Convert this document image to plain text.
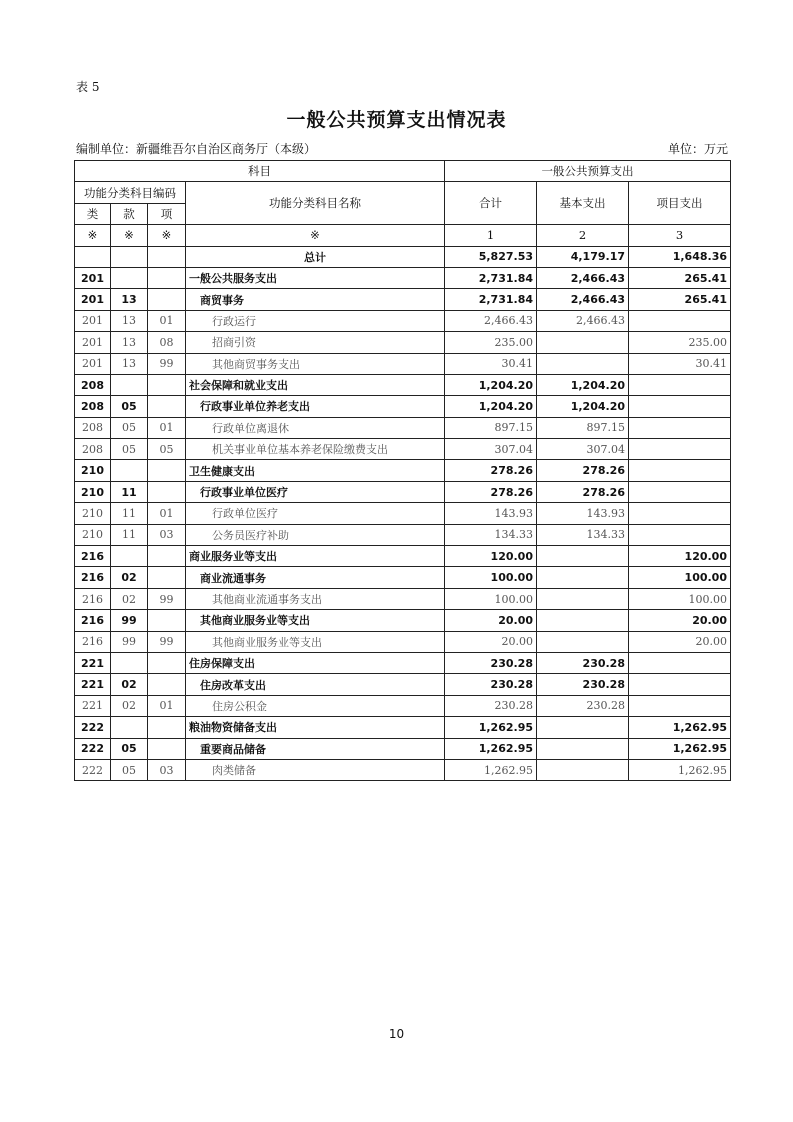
表 5
一般公共预算支出情况表
编制单位：新疆维吾尔自治区商务厅（本级）	单位：万元
科目				一般公共预算支出		
功能分类科目编码			功能分类科目名称	合计	基本支出	项目支出
类	款	项				
※	※	※	※	1	2	3
			总计	5,827.53	4,179.17	1,648.36
201			一般公共服务支出	2,731.84	2,466.43	265.41
201	13		商贸事务	2,731.84	2,466.43	265.41
201	13	01	行政运行	2,466.43	2,466.43	
201	13	08	招商引资	235.00		235.00
201	13	99	其他商贸事务支出	30.41		30.41
208			社会保障和就业支出	1,204.20	1,204.20	
208	05		行政事业单位养老支出	1,204.20	1,204.20	
208	05	01	行政单位离退休	897.15	897.15	
208	05	05	机关事业单位基本养老保险缴费支出	307.04	307.04	
210			卫生健康支出	278.26	278.26	
210	11		行政事业单位医疗	278.26	278.26	
210	11	01	行政单位医疗	143.93	143.93	
210	11	03	公务员医疗补助	134.33	134.33	
216			商业服务业等支出	120.00		120.00
216	02		商业流通事务	100.00		100.00
216	02	99	其他商业流通事务支出	100.00		100.00
216	99		其他商业服务业等支出	20.00		20.00
216	99	99	其他商业服务业等支出	20.00		20.00
221			住房保障支出	230.28	230.28	
221	02		住房改革支出	230.28	230.28	
221	02	01	住房公积金	230.28	230.28	
222			粮油物资储备支出	1,262.95		1,262.95
222	05		重要商品储备	1,262.95		1,262.95
222	05	03	肉类储备	1,262.95		1,262.95
10
